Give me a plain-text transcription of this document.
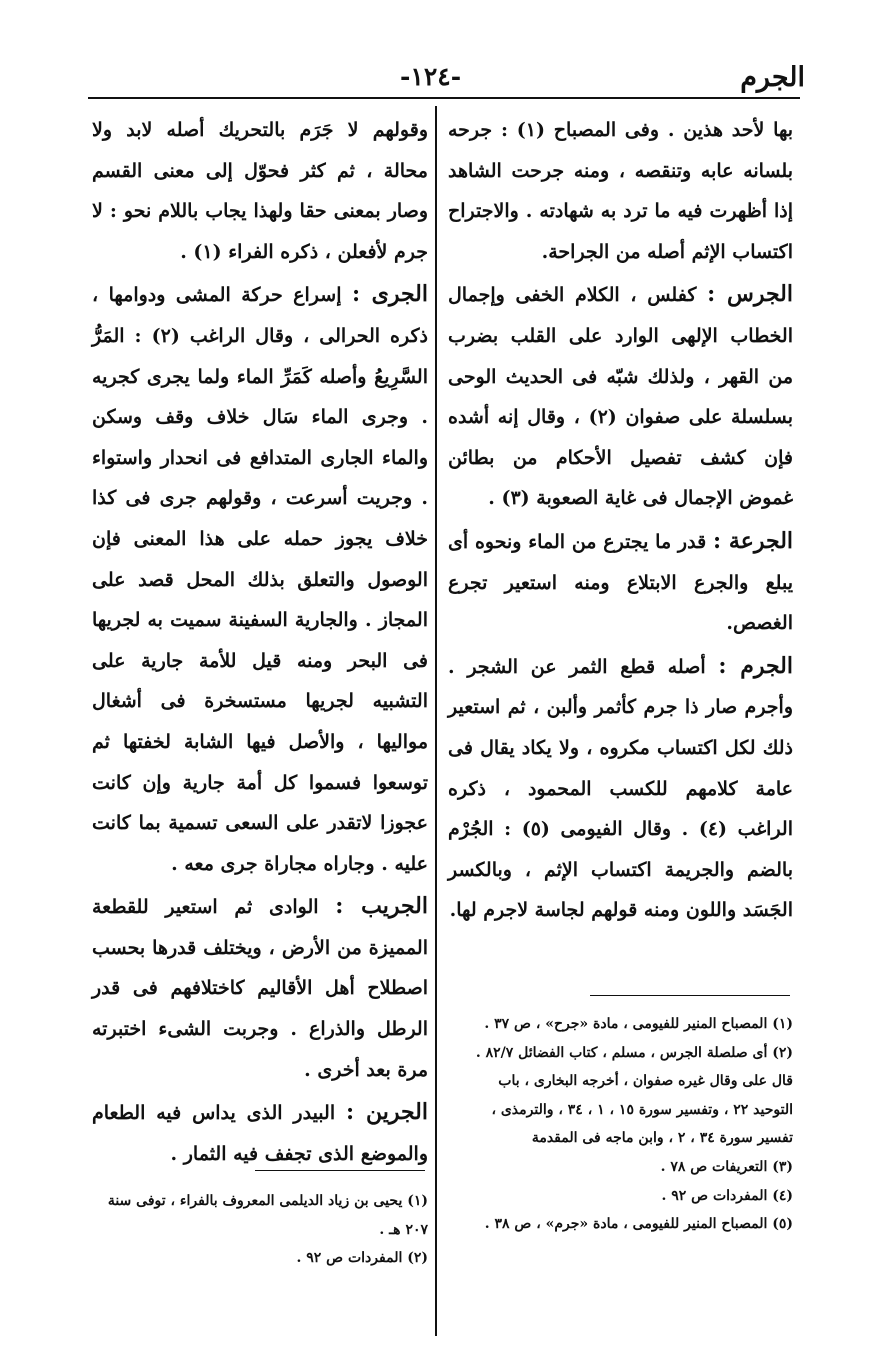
الجرم
-١٢٤-

بها لأحد هذين . وفى المصباح (١) : جرحه بلسانه عابه وتنقصه ، ومنه جرحت الشاهد إذا أظهرت فيه ما ترد به شهادته . والاجتراح اكتساب الإثم أصله من الجراحة.

الجرس : كفلس ، الكلام الخفى وإجمال الخطاب الإلهى الوارد على القلب بضرب من القهر ، ولذلك شبّه فى الحديث الوحى بسلسلة على صفوان (٢) ، وقال إنه أشده فإن كشف تفصيل الأحكام من بطائن غموض الإجمال فى غاية الصعوبة (٣) .

الجرعة : قدر ما يجترع من الماء ونحوه أى يبلع والجرع الابتلاع ومنه استعير تجرع الغصص.

الجرم : أصله قطع الثمر عن الشجر . وأجرم صار ذا جرم كأثمر وألبن ، ثم استعير ذلك لكل اكتساب مكروه ، ولا يكاد يقال فى عامة كلامهم للكسب المحمود ، ذكره الراغب (٤) . وقال الفيومى (٥) : الجُرْم بالضم والجريمة اكتساب الإثم ، وبالكسر الجَسَد واللون ومنه قولهم لجاسة لاجرم لها.

(١) المصباح المنير للفيومى ، مادة «جرح» ، ص ٣٧ .

(٢) أى صلصلة الجرس ، مسلم ، كتاب الفضائل ٨٢/٧ .

قال على وقال غيره صفوان ، أخرجه البخارى ، باب

التوحيد ٢٢ ، وتفسير سورة ١٥ ، ١ ، ٣٤ ، والترمذى ،

تفسير سورة ٣٤ ، ٢ ، وابن ماجه فى المقدمة

(٣) التعريفات ص ٧٨ .

(٤) المفردات ص ٩٢ .

(٥) المصباح المنير للفيومى ، مادة «جرم» ، ص ٣٨ .

وقولهم لا جَرَم بالتحريك أصله لابد ولا محالة ، ثم كثر فحوّل إلى معنى القسم وصار بمعنى حقا ولهذا يجاب باللام نحو : لا جرم لأفعلن ، ذكره الفراء (١) .

الجرى : إسراع حركة المشى ودوامها ، ذكره الحرالى ، وقال الراغب (٢) : المَرُّ السَّرِيعُ وأصله كَمَرِّ الماء ولما يجرى كجريه . وجرى الماء سَال خلاف وقف وسكن والماء الجارى المتدافع فى انحدار واستواء . وجريت أسرعت ، وقولهم جرى فى كذا خلاف يجوز حمله على هذا المعنى فإن الوصول والتعلق بذلك المحل قصد على المجاز . والجارية السفينة سميت به لجريها فى البحر ومنه قيل للأمة جارية على التشبيه لجريها مستسخرة فى أشغال مواليها ، والأصل فيها الشابة لخفتها ثم توسعوا فسموا كل أمة جارية وإن كانت عجوزا لاتقدر على السعى تسمية بما كانت عليه . وجاراه مجاراة جرى معه .

الجريب : الوادى ثم استعير للقطعة المميزة من الأرض ، ويختلف قدرها بحسب اصطلاح أهل الأقاليم كاختلافهم فى قدر الرطل والذراع . وجربت الشىء اختبرته مرة بعد أخرى .

الجرين : البيدر الذى يداس فيه الطعام والموضع الذى تجفف فيه الثمار .

(١) يحيى بن زياد الديلمى المعروف بالفراء ، توفى سنة ٢٠٧ هـ .

(٢) المفردات ص ٩٢ .
